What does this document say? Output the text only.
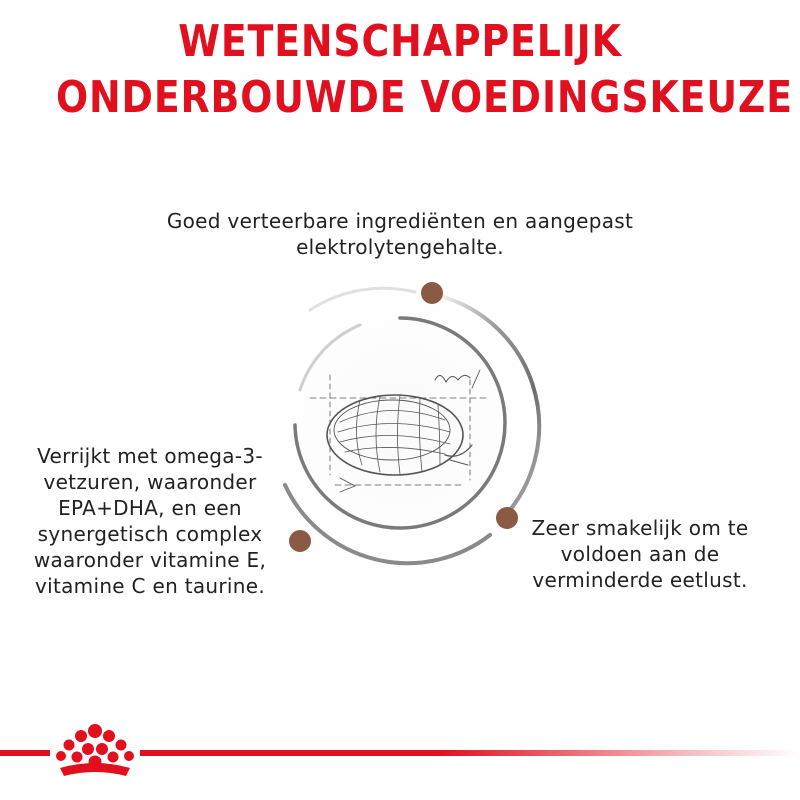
WETENSCHAPPELIJK
ONDERBOUWDE VOEDINGSKEUZE

Goed verteerbare ingrediënten en aangepast elektrolytengehalte.

Verrijkt met omega-3-vetzuren, waaronder EPA+DHA, en een synergetisch complex waaronder vitamine E, vitamine C en taurine.

Zeer smakelijk om te voldoen aan de verminderde eetlust.
